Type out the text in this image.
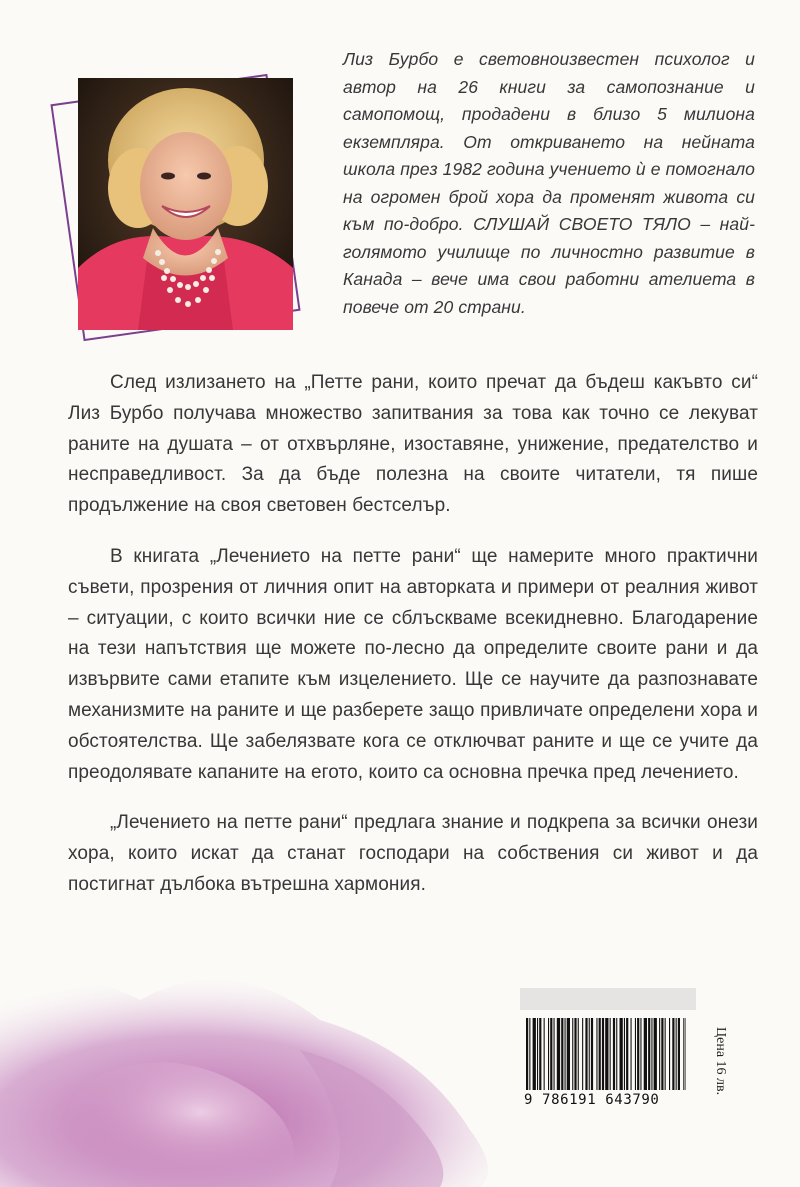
Лиз Бурбо е световноизвестен психолог и автор на 26 книги за самопознание и самопомощ, продадени в близо 5 милиона екземпляра. От откриването на нейната школа през 1982 година учението ѝ е помогнало на огромен брой хора да променят живота си към по-добро. СЛУШАЙ СВОЕТО ТЯЛО – най-голямото училище по личностно развитие в Канада – вече има свои работни ателиета в повече от 20 страни.

След излизането на „Петте рани, които пречат да бъдеш какъвто си“ Лиз Бурбо получава множество запитвания за това как точно се лекуват раните на душата – от отхвърляне, изоставяне, унижение, предателство и несправедливост. За да бъде полезна на своите читатели, тя пише продължение на своя световен бестселър.

В книгата „Лечението на петте рани“ ще намерите много практични съвети, прозрения от личния опит на авторката и примери от реалния живот – ситуации, с които всички ние се сблъскваме всекидневно. Благодарение на тези напътствия ще можете по-лесно да определите своите рани и да извървите сами етапите към изцелението. Ще се научите да разпознавате механизмите на раните и ще разберете защо привличате определени хора и обстоятелства. Ще забелязвате кога се отключват раните и ще се учите да преодолявате капаните на егото, които са основна пречка пред лечението.

„Лечението на петте рани“ предлага знание и подкрепа за всички онези хора, които искат да станат господари на собствения си живот и да постигнат дълбока вътрешна хармония.

9 786191 643790
Цена 16 лв.
